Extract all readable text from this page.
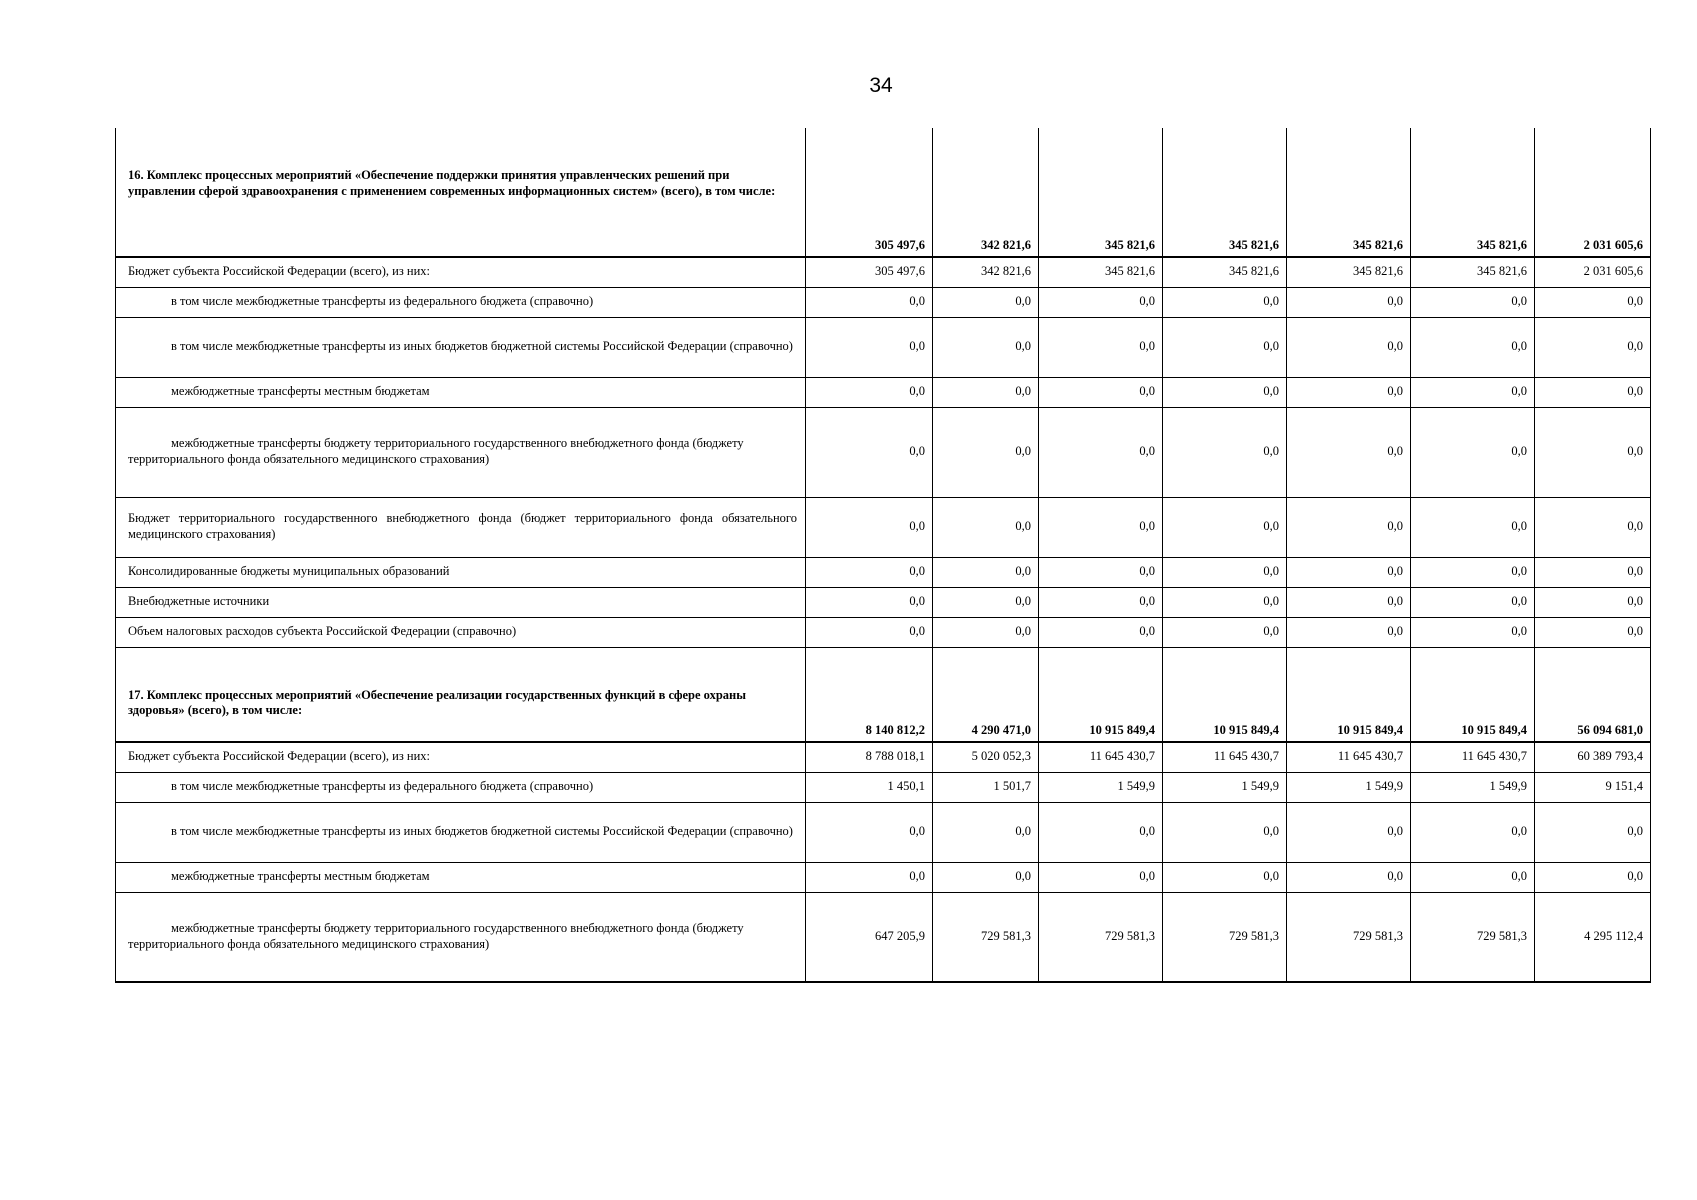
34
16. Комплекс процессных мероприятий «Обеспечение поддержки принятия управленческих решений при управлении сферой здравоохранения с применением современных информационных систем» (всего), в том числе:	305 497,6	342 821,6	345 821,6	345 821,6	345 821,6	345 821,6	2 031 605,6
Бюджет субъекта Российской Федерации (всего), из них:	305 497,6	342 821,6	345 821,6	345 821,6	345 821,6	345 821,6	2 031 605,6
в том числе межбюджетные трансферты из федерального бюджета (справочно)	0,0	0,0	0,0	0,0	0,0	0,0	0,0
в том числе межбюджетные трансферты из иных бюджетов бюджетной системы Российской Федерации (справочно)	0,0	0,0	0,0	0,0	0,0	0,0	0,0
межбюджетные трансферты местным бюджетам	0,0	0,0	0,0	0,0	0,0	0,0	0,0
межбюджетные трансферты бюджету территориального государственного внебюджетного фонда (бюджету территориального фонда обязательного медицинского страхования)	0,0	0,0	0,0	0,0	0,0	0,0	0,0
Бюджет территориального государственного внебюджетного фонда (бюджет территориального фонда обязательного медицинского страхования)	0,0	0,0	0,0	0,0	0,0	0,0	0,0
Консолидированные бюджеты муниципальных образований	0,0	0,0	0,0	0,0	0,0	0,0	0,0
Внебюджетные источники	0,0	0,0	0,0	0,0	0,0	0,0	0,0
Объем налоговых расходов субъекта Российской Федерации (справочно)	0,0	0,0	0,0	0,0	0,0	0,0	0,0
17. Комплекс процессных мероприятий «Обеспечение реализации государственных функций в сфере охраны здоровья» (всего), в том числе:	8 140 812,2	4 290 471,0	10 915 849,4	10 915 849,4	10 915 849,4	10 915 849,4	56 094 681,0
Бюджет субъекта Российской Федерации (всего), из них:	8 788 018,1	5 020 052,3	11 645 430,7	11 645 430,7	11 645 430,7	11 645 430,7	60 389 793,4
в том числе межбюджетные трансферты из федерального бюджета (справочно)	1 450,1	1 501,7	1 549,9	1 549,9	1 549,9	1 549,9	9 151,4
в том числе межбюджетные трансферты из иных бюджетов бюджетной системы Российской Федерации (справочно)	0,0	0,0	0,0	0,0	0,0	0,0	0,0
межбюджетные трансферты местным бюджетам	0,0	0,0	0,0	0,0	0,0	0,0	0,0
межбюджетные трансферты бюджету территориального государственного внебюджетного фонда (бюджету территориального фонда обязательного медицинского страхования)	647 205,9	729 581,3	729 581,3	729 581,3	729 581,3	729 581,3	4 295 112,4
